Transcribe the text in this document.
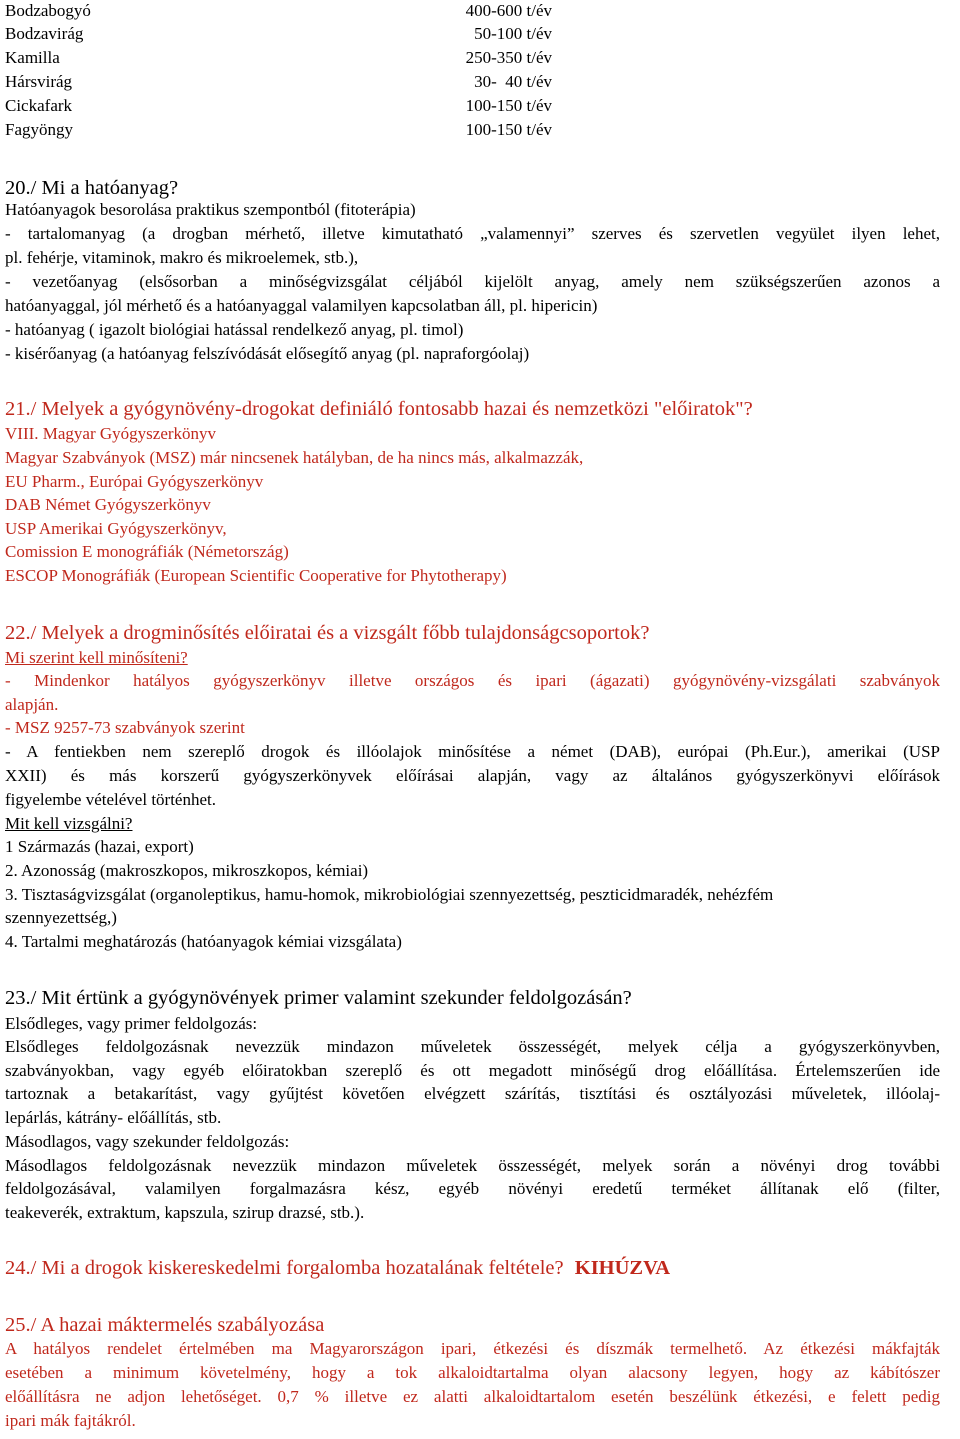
Bodzabogyó	400-600 t/év
Bodzavirág	50-100 t/év
Kamilla	250-350 t/év
Hársvirág	30-  40 t/év
Cickafark	100-150 t/év
Fagyöngy	100-150 t/év
20./ Mi a hatóanyag?
Hatóanyagok besorolása praktikus szempontból (fitoterápia)
- tartalomanyag (a drogban mérhető, illetve kimutatható „valamennyi” szerves és szervetlen vegyület ilyen lehet,
pl. fehérje, vitaminok, makro és mikroelemek, stb.),
- vezetőanyag (elsősorban a minőségvizsgálat céljából kijelölt anyag, amely nem szükségszerűen azonos a
hatóanyaggal, jól mérhető és a hatóanyaggal valamilyen kapcsolatban áll, pl. hipericin)
- hatóanyag ( igazolt biológiai hatással rendelkező anyag, pl. timol)
- kisérőanyag (a hatóanyag felszívódását elősegítő anyag (pl. napraforgóolaj)
21./ Melyek a gyógynövény-drogokat definiáló fontosabb hazai és nemzetközi "előiratok"?
VIII. Magyar Gyógyszerkönyv
Magyar Szabványok (MSZ) már nincsenek hatályban, de ha nincs más, alkalmazzák,
EU Pharm., Európai Gyógyszerkönyv
DAB Német Gyógyszerkönyv
USP Amerikai Gyógyszerkönyv,
Comission E monográfiák (Németország)
ESCOP Monográfiák (European Scientific Cooperative for Phytotherapy)
22./ Melyek a drogminősítés előiratai és a vizsgált főbb tulajdonságcsoportok?
Mi szerint kell minősíteni?
- Mindenkor hatályos gyógyszerkönyv illetve országos és ipari (ágazati) gyógynövény-vizsgálati szabványok
alapján.
- MSZ 9257-73 szabványok szerint
- A fentiekben nem szereplő drogok és illóolajok minősítése a német (DAB), európai (Ph.Eur.), amerikai (USP
XXII) és más korszerű gyógyszerkönyvek előírásai alapján, vagy az általános gyógyszerkönyvi előírások
figyelembe vételével történhet.
Mit kell vizsgálni?
1 Származás (hazai, export)
2. Azonosság (makroszkopos, mikroszkopos, kémiai)
3. Tisztaságvizsgálat (organoleptikus, hamu-homok, mikrobiológiai szennyezettség, peszticidmaradék, nehézfém
szennyezettség,)
4. Tartalmi meghatározás (hatóanyagok kémiai vizsgálata)
23./ Mit értünk a gyógynövények primer valamint szekunder feldolgozásán?
Elsődleges, vagy primer feldolgozás:
Elsődleges feldolgozásnak nevezzük mindazon műveletek összességét, melyek célja a gyógyszerkönyvben,
szabványokban, vagy egyéb előiratokban szereplő és ott megadott minőségű drog előállítása. Értelemszerűen ide
tartoznak a betakarítást, vagy gyűjtést követően elvégzett szárítás, tisztítási és osztályozási műveletek, illóolaj-
lepárlás, kátrány- előállítás, stb.
Másodlagos, vagy szekunder feldolgozás:
Másodlagos feldolgozásnak nevezzük mindazon műveletek összességét, melyek során a növényi drog további
feldolgozásával, valamilyen forgalmazásra kész, egyéb növényi eredetű terméket állítanak elő (filter,
teakeverék, extraktum, kapszula, szirup drazsé, stb.).
24./ Mi a drogok kiskereskedelmi forgalomba hozatalának feltétele? KIHÚZVA
25./ A hazai máktermelés szabályozása
A hatályos rendelet értelmében ma Magyarországon ipari, étkezési és díszmák termelhető. Az étkezési mákfajták
esetében a minimum követelmény, hogy a tok alkaloidtartalma olyan alacsony legyen, hogy az kábítószer
előállításra ne adjon lehetőséget. 0,7 % illetve ez alatti alkaloidtartalom esetén beszélünk étkezési, e felett pedig
ipari mák fajtákról.
